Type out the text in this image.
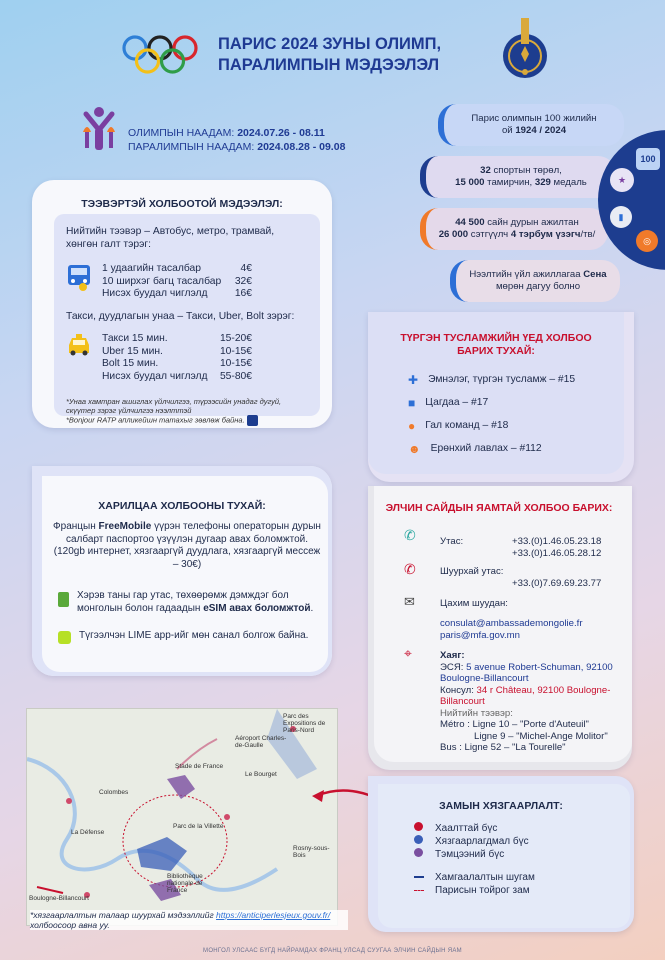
ПАРИС 2024 ЗУНЫ ОЛИМП,
ПАРАЛИМПЫН МЭДЭЭЛЭЛ
ОЛИМПЫН НААДАМ: 2024.07.26 - 08.11
ПАРАЛИМПЫН НААДАМ: 2024.08.28 - 09.08
Парис олимпын 100 жилийн
ой 1924 / 2024
32 спортын төрөл,
15 000 тамирчин, 329 медаль
44 500 сайн дурын ажилтан
26 000 сэтгүүлч 4 тэрбум үзэгч/тв/
Нээлтийн үйл ажиллагаа Сена
мөрөн дагуу болно
100
★
▮
◎
ТЭЭВЭРТЭЙ ХОЛБООТОЙ МЭДЭЭЛЭЛ:
Нийтийн тээвэр – Автобус, метро, трамвай, хөнгөн галт тэрэг:
1 удаагийн тасалбар	4€
10 ширхэг багц тасалбар 32€
Нисэх буудал чиглэлд	16€
Такси, дуудлагын унаа – Такси, Uber, Bolt зэрэг:
Такси 15 мин.	15-20€
Uber 15 мин.	10-15€
Bolt 15 мин.	10-15€
Нисэх буудал чиглэлд 55-80€
*Унаа хамтран ашиглах үйлчилгээ, түрээсийн унадаг дугуй, скүүтер зэрэг үйлчилгээ нээлттэй
*Bonjour RATP апликейшн татахыг зөвлөж байна.
ХАРИЛЦАА ХОЛБООНЫ ТУХАЙ:
Францын FreeMobile үүрэн телефоны операторын дурын салбарт паспортоо үзүүлэн дугаар авах боломжтой.
(120gb интернет, хязгааргүй дуудлага, хязгааргүй мессеж – 30€)
Хэрэв таны гар утас, төхөөрөмж дэмждэг бол монголын болон гадаадын eSIM авах боломжтой.
Түгээлчэн LIME app-ийг мөн санал болгож байна.
ТҮРГЭН ТУСЛАМЖИЙН ҮЕД ХОЛБОО БАРИХ ТУХАЙ:
✚ Эмнэлэг, түргэн тусламж – #15
■ Цагдаа – #17
● Гал команд – #18
☻ Ерөнхий лавлах – #112
ЭЛЧИН САЙДЫН ЯАМТАЙ ХОЛБОО БАРИХ:
✆	Утас:	+33.(0)1.46.05.23.18
+33.(0)1.46.05.28.12
✆	Шуурхай утас:
+33.(0)7.69.69.23.77
✉	Цахим шуудан:
consulat@ambassademongolie.fr
paris@mfa.gov.mn
⌖	Хаяг:
ЭСЯ: 5 avenue Robert-Schuman, 92100 Boulogne-Billancourt
Консул: 34 r Château, 92100 Boulogne-Billancourt
Нийтийн тээвэр:
Métro : Ligne 10 – "Porte d'Auteuil"
Ligne 9 – "Michel-Ange Molitor"
Bus : Ligne 52 – "La Tourelle"
Parc des Expositions de Paris-Nord
Aéroport Charles-de-Gaulle
Stade de France
Le Bourget
Colombes
La Défense
Parc de la Villette
Rosny-sous-Bois
Bibliothèque nationale de France
Boulogne-Billancourt
*хязгаарлалтын талаар шуурхай мэдээллийг https://anticiperlesjeux.gouv.fr/ холбоосоор авна уу.
ЗАМЫН ХЯЗГААРЛАЛТ:
Хаалттай бүс
Хязгаарлагдмал бүс
Тэмцээний бүс
Хамгаалалтын шугам
Парисын тойрог зам
МОНГОЛ УЛСААС БҮГД НАЙРАМДАХ ФРАНЦ УЛСАД СУУГАА ЭЛЧИН САЙДЫН ЯАМ
